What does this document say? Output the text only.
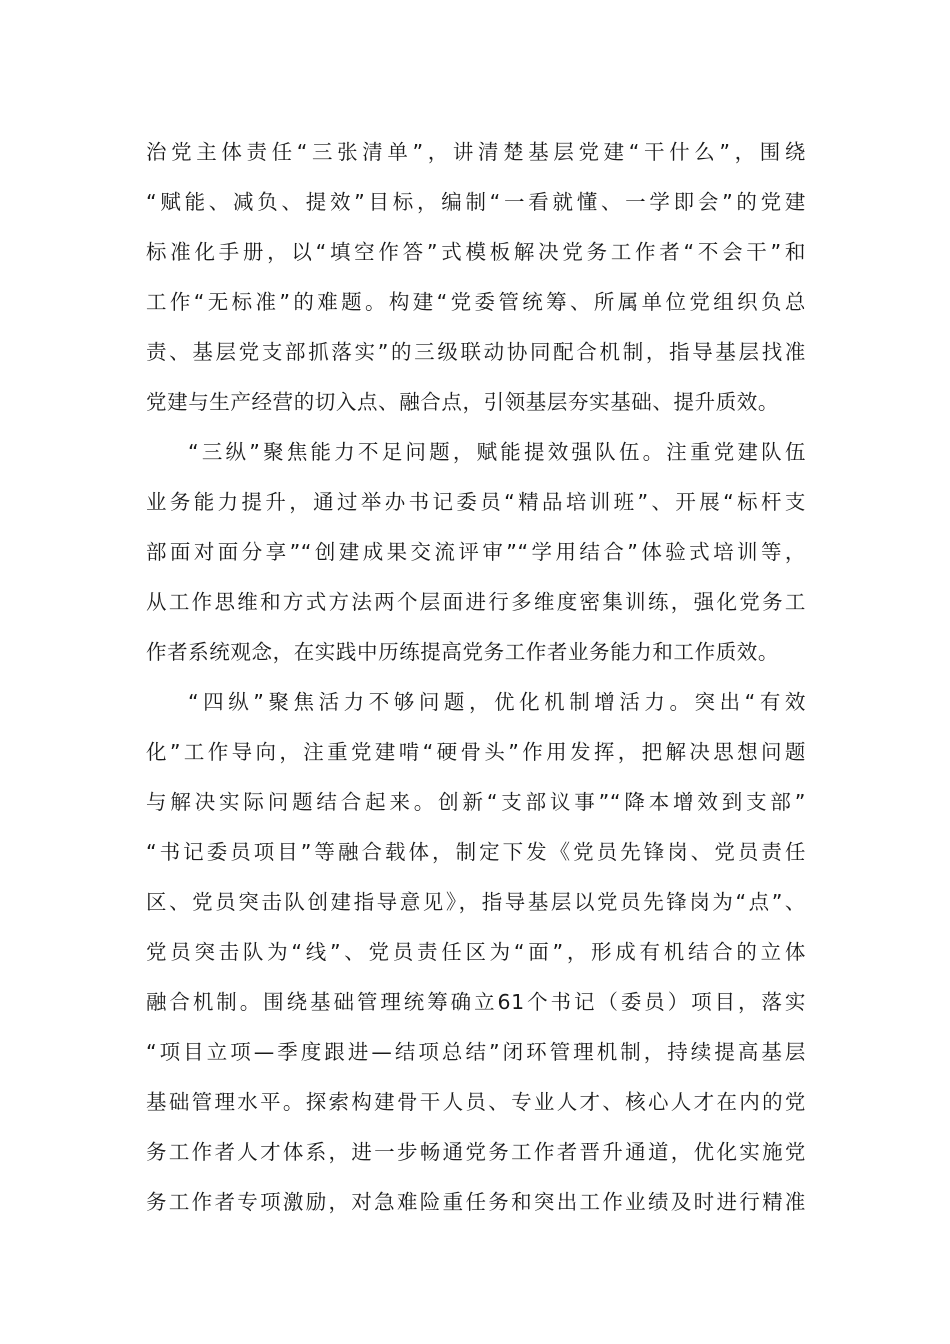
治党主体责任“三张清单”，讲清楚基层党建“干什么”，围绕
“赋能、减负、提效”目标，编制“一看就懂、一学即会”的党建
标准化手册，以“填空作答”式模板解决党务工作者“不会干”和
工作“无标准”的难题。构建“党委管统筹、所属单位党组织负总
责、基层党支部抓落实”的三级联动协同配合机制，指导基层找准
党建与生产经营的切入点、融合点，引领基层夯实基础、提升质效。
“三纵”聚焦能力不足问题，赋能提效强队伍。注重党建队伍
业务能力提升，通过举办书记委员“精品培训班”、开展“标杆支
部面对面分享”“创建成果交流评审”“学用结合”体验式培训等，
从工作思维和方式方法两个层面进行多维度密集训练，强化党务工
作者系统观念，在实践中历练提高党务工作者业务能力和工作质效。
“四纵”聚焦活力不够问题，优化机制增活力。突出“有效
化”工作导向，注重党建啃“硬骨头”作用发挥，把解决思想问题
与解决实际问题结合起来。创新“支部议事”“降本增效到支部”
“书记委员项目”等融合载体，制定下发《党员先锋岗、党员责任
区、党员突击队创建指导意见》，指导基层以党员先锋岗为“点”、
党员突击队为“线”、党员责任区为“面”，形成有机结合的立体
融合机制。围绕基础管理统筹确立61个书记（委员）项目，落实
“项目立项—季度跟进—结项总结”闭环管理机制，持续提高基层
基础管理水平。探索构建骨干人员、专业人才、核心人才在内的党
务工作者人才体系，进一步畅通党务工作者晋升通道，优化实施党
务工作者专项激励，对急难险重任务和突出工作业绩及时进行精准
